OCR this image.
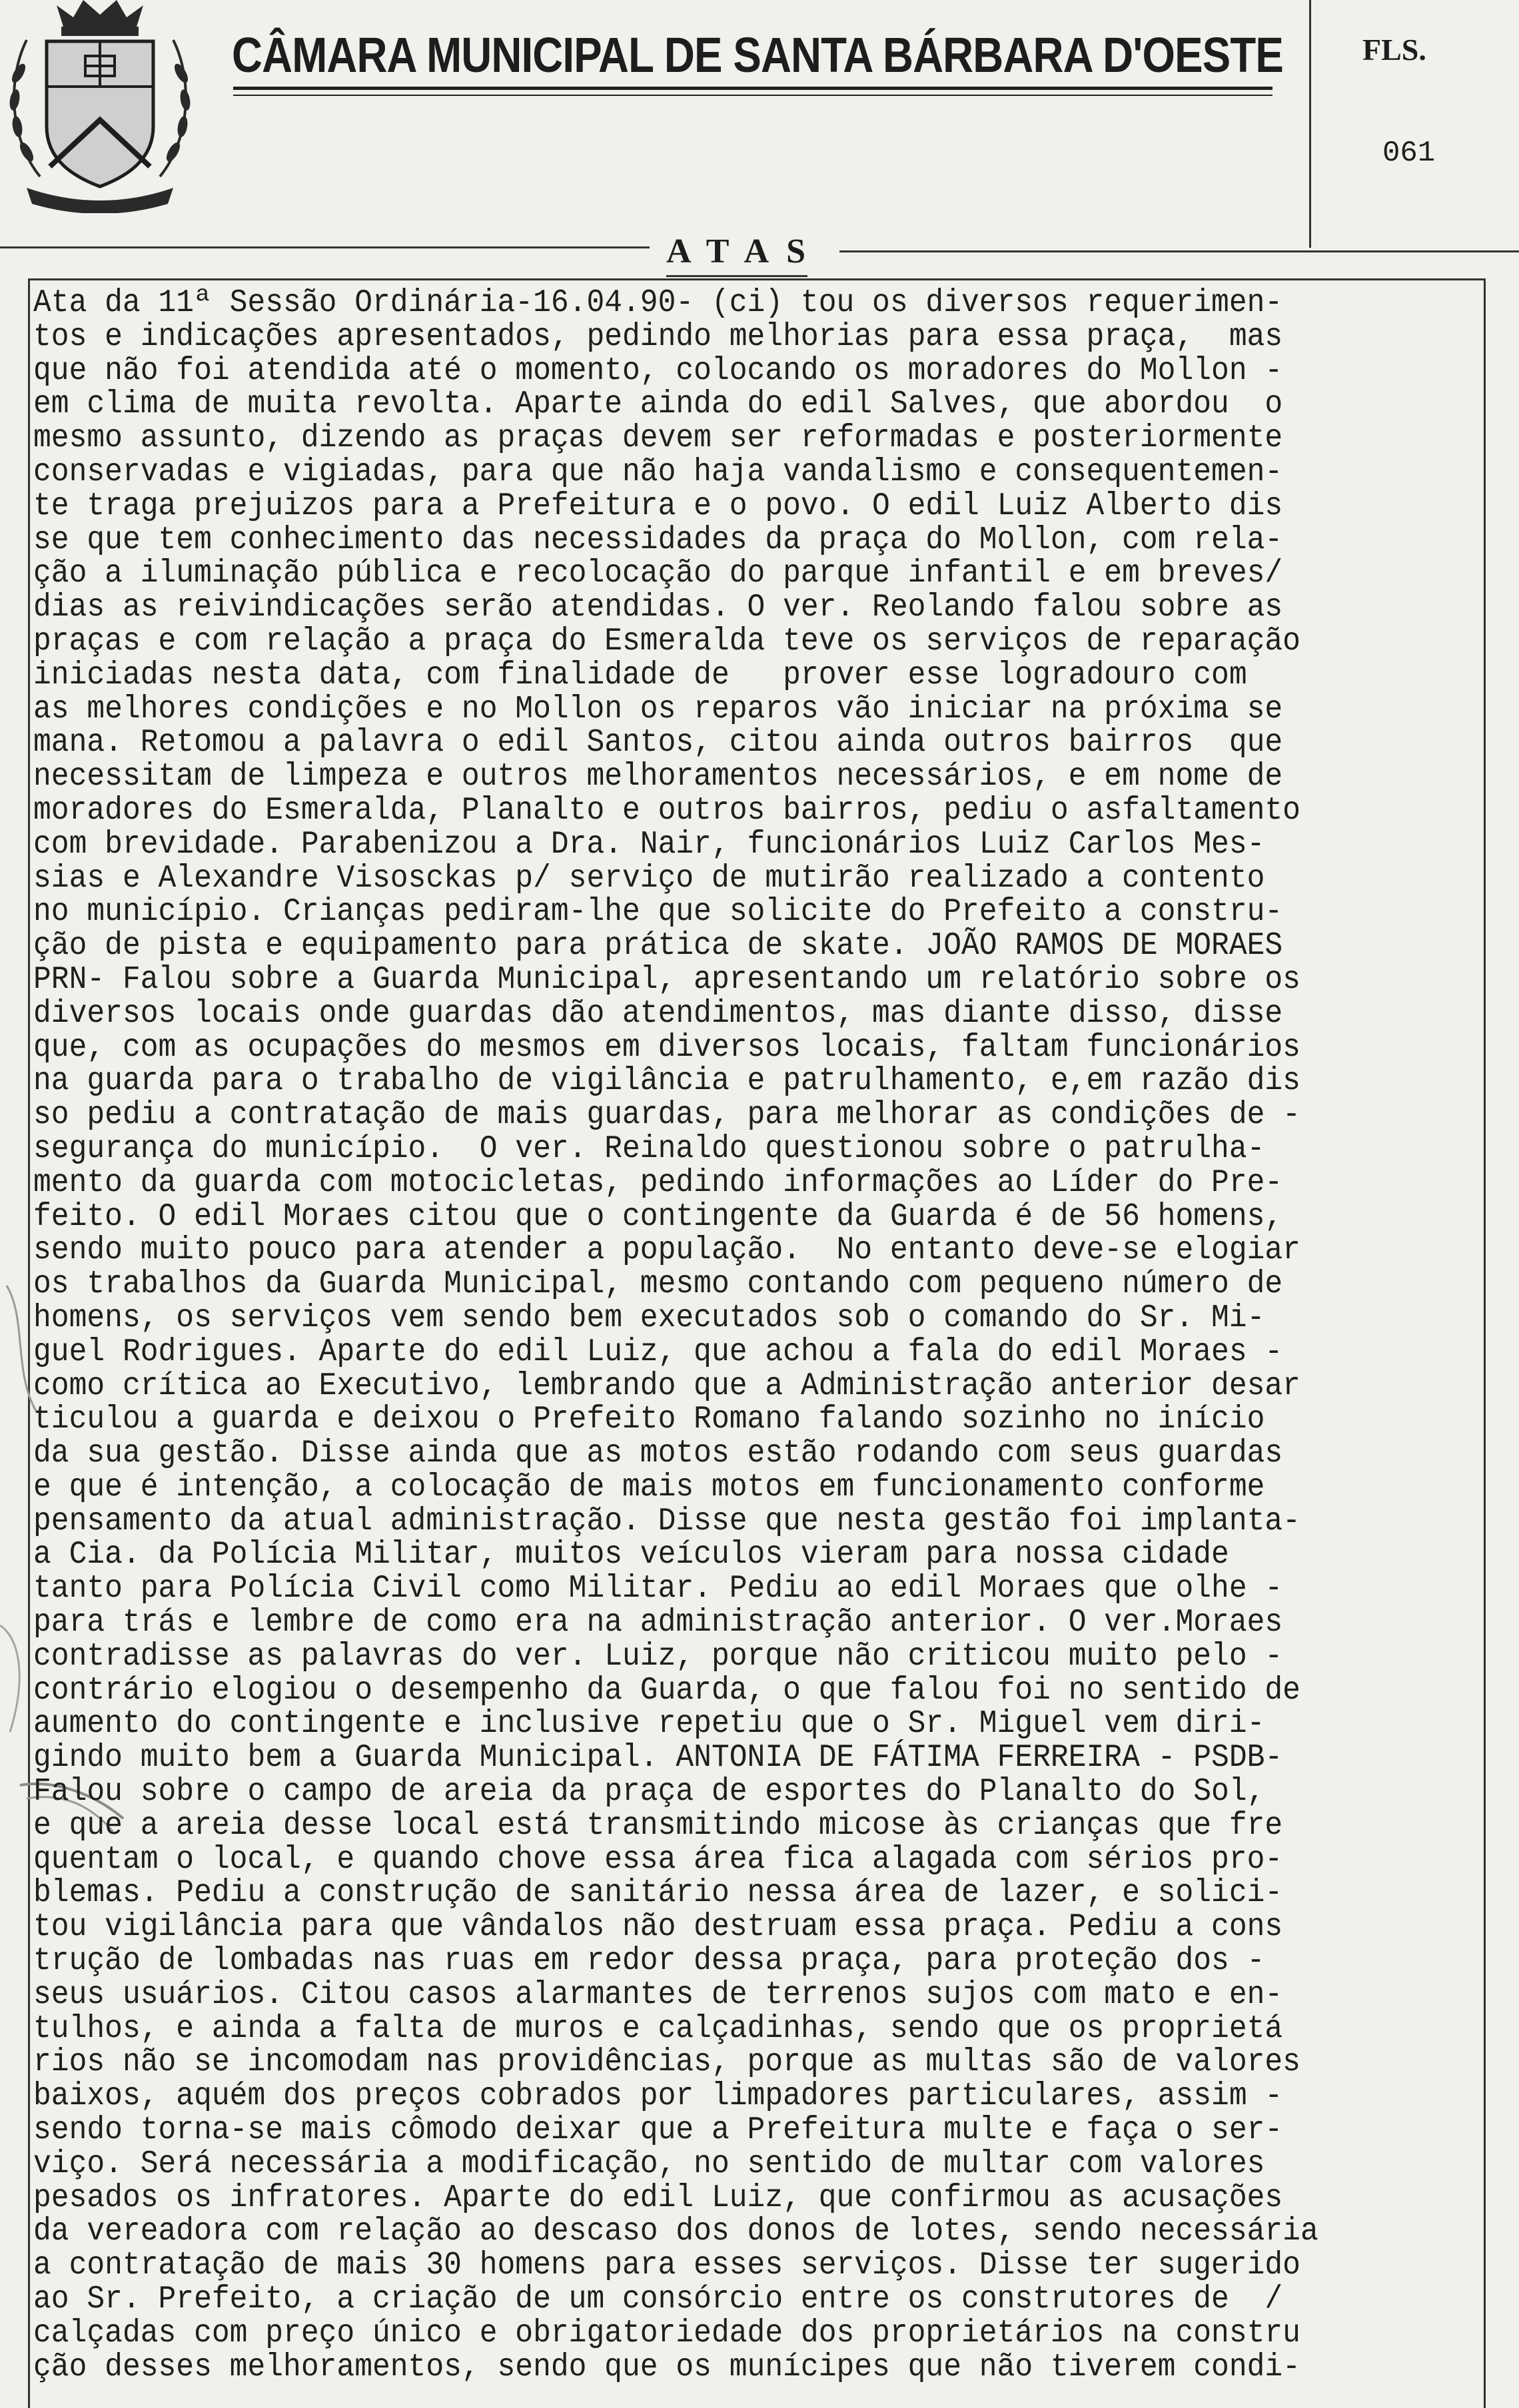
CÂMARA MUNICIPAL DE SANTA BÁRBARA D'OESTE	FLS.
061
ATAS
Ata da 11ª Sessão Ordinária-16.04.90- (ci) tou os diversos requerimen-
tos e indicações apresentados, pedindo melhorias para essa praça,  mas
que não foi atendida até o momento, colocando os moradores do Mollon -
em clima de muita revolta. Aparte ainda do edil Salves, que abordou  o
mesmo assunto, dizendo as praças devem ser reformadas e posteriormente
conservadas e vigiadas, para que não haja vandalismo e consequentemen-
te traga prejuizos para a Prefeitura e o povo. O edil Luiz Alberto dis
se que tem conhecimento das necessidades da praça do Mollon, com rela-
ção a iluminação pública e recolocação do parque infantil e em breves/
dias as reivindicações serão atendidas. O ver. Reolando falou sobre as
praças e com relação a praça do Esmeralda teve os serviços de reparação
iniciadas nesta data, com finalidade de   prover esse logradouro com
as melhores condições e no Mollon os reparos vão iniciar na próxima se
mana. Retomou a palavra o edil Santos, citou ainda outros bairros  que
necessitam de limpeza e outros melhoramentos necessários, e em nome de
moradores do Esmeralda, Planalto e outros bairros, pediu o asfaltamento
com brevidade. Parabenizou a Dra. Nair, funcionários Luiz Carlos Mes-
sias e Alexandre Visosckas p/ serviço de mutirão realizado a contento
no município. Crianças pediram-lhe que solicite do Prefeito a constru-
ção de pista e equipamento para prática de skate. JOÃO RAMOS DE MORAES
PRN- Falou sobre a Guarda Municipal, apresentando um relatório sobre os
diversos locais onde guardas dão atendimentos, mas diante disso, disse
que, com as ocupações do mesmos em diversos locais, faltam funcionários
na guarda para o trabalho de vigilância e patrulhamento, e,em razão dis
so pediu a contratação de mais guardas, para melhorar as condições de -
segurança do município.  O ver. Reinaldo questionou sobre o patrulha-
mento da guarda com motocicletas, pedindo informações ao Líder do Pre-
feito. O edil Moraes citou que o contingente da Guarda é de 56 homens,
sendo muito pouco para atender a população.  No entanto deve-se elogiar
os trabalhos da Guarda Municipal, mesmo contando com pequeno número de
homens, os serviços vem sendo bem executados sob o comando do Sr. Mi-
guel Rodrigues. Aparte do edil Luiz, que achou a fala do edil Moraes -
como crítica ao Executivo, lembrando que a Administração anterior desar
ticulou a guarda e deixou o Prefeito Romano falando sozinho no início
da sua gestão. Disse ainda que as motos estão rodando com seus guardas
e que é intenção, a colocação de mais motos em funcionamento conforme
pensamento da atual administração. Disse que nesta gestão foi implanta-
a Cia. da Polícia Militar, muitos veículos vieram para nossa cidade
tanto para Polícia Civil como Militar. Pediu ao edil Moraes que olhe -
para trás e lembre de como era na administração anterior. O ver.Moraes
contradisse as palavras do ver. Luiz, porque não criticou muito pelo -
contrário elogiou o desempenho da Guarda, o que falou foi no sentido de
aumento do contingente e inclusive repetiu que o Sr. Miguel vem diri-
gindo muito bem a Guarda Municipal. ANTONIA DE FÁTIMA FERREIRA - PSDB-
Falou sobre o campo de areia da praça de esportes do Planalto do Sol,
e que a areia desse local está transmitindo micose às crianças que fre
quentam o local, e quando chove essa área fica alagada com sérios pro-
blemas. Pediu a construção de sanitário nessa área de lazer, e solici-
tou vigilância para que vândalos não destruam essa praça. Pediu a cons
trução de lombadas nas ruas em redor dessa praça, para proteção dos -
seus usuários. Citou casos alarmantes de terrenos sujos com mato e en-
tulhos, e ainda a falta de muros e calçadinhas, sendo que os proprietá
rios não se incomodam nas providências, porque as multas são de valores
baixos, aquém dos preços cobrados por limpadores particulares, assim -
sendo torna-se mais cômodo deixar que a Prefeitura multe e faça o ser-
viço. Será necessária a modificação, no sentido de multar com valores
pesados os infratores. Aparte do edil Luiz, que confirmou as acusações
da vereadora com relação ao descaso dos donos de lotes, sendo necessária
a contratação de mais 30 homens para esses serviços. Disse ter sugerido
ao Sr. Prefeito, a criação de um consórcio entre os construtores de  /
calçadas com preço único e obrigatoriedade dos proprietários na constru
ção desses melhoramentos, sendo que os munícipes que não tiverem condi-
